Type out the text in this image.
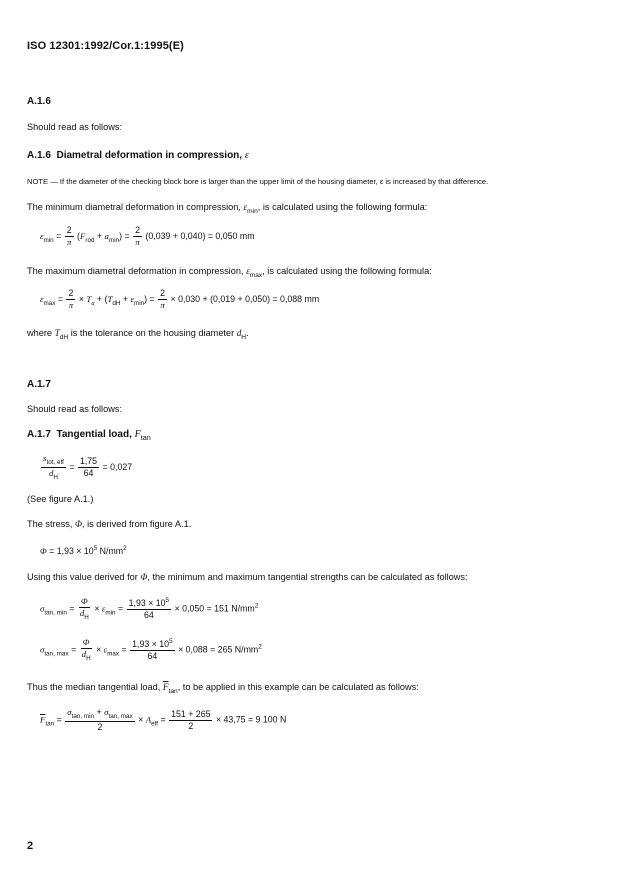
ISO 12301:1992/Cor.1:1995(E)
A.1.6
Should read as follows:
A.1.6 Diametral deformation in compression, ε
NOTE — If the diameter of the checking block bore is larger than the upper limit of the housing diameter, ε is increased by that difference.
The minimum diametral deformation in compression, $\varepsilon_{min}$, is calculated using the following formula:
$\varepsilon_{min} = \frac{2}{\pi} (F_{rod} + a_{min}) = \frac{2}{\pi} (0,039 + 0,040) = 0,050$ mm
The maximum diametral deformation in compression, $\varepsilon_{max}$, is calculated using the following formula:
$\varepsilon_{max} = \frac{2}{\pi} \times T_a + (T_{dH} + \varepsilon_{min}) = \frac{2}{\pi} \times 0,030 + (0,019 + 0,050) = 0,088$ mm
where $T_{dH}$ is the tolerance on the housing diameter $d_H$.
A.1.7
Should read as follows:
A.1.7 Tangential load, $F_{tan}$
$\frac{s_{tot, eff}}{d_H} = \frac{1,75}{64} = 0,027$
(See figure A.1.)
The stress, Φ, is derived from figure A.1.
$\Phi = 1,93 \times 10^5$ $N/mm^2$
Using this value derived for Φ, the minimum and maximum tangential strengths can be calculated as follows:
$\sigma_{tan, min} = \frac{\Phi}{d_H} \times \varepsilon_{min} = \frac{1,93 \times 10^5}{64} \times 0,050 = 151$ $N/mm^2$
$\sigma_{tan, max} = \frac{\Phi}{d_H} \times \varepsilon_{max} = \frac{1,93 \times 10^5}{64} \times 0,088 = 265$ $N/mm^2$
Thus the median tangential load, $\overline{F}_{tan}$, to be applied in this example can be calculated as follows:
$\overline{F}_{tan} = \frac{\sigma_{tan, min} + \sigma_{tan, max}}{2} \times A_{eff} = \frac{151 + 265}{2} \times 43,75 = 9$ 100 N
2
